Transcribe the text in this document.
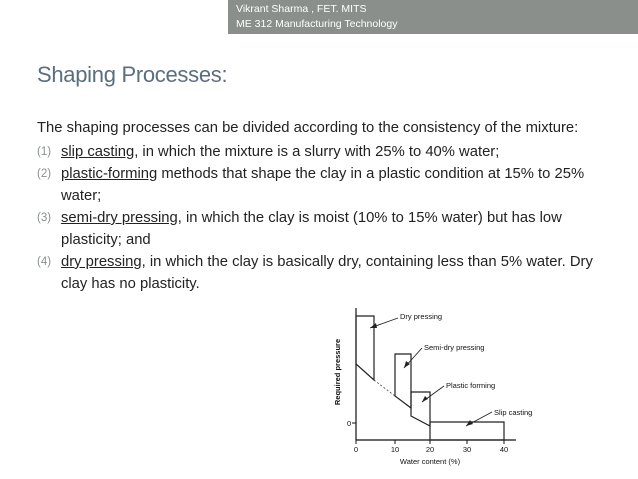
Vikrant Sharma , FET. MITS
ME 312 Manufacturing Technology
Shaping Processes:

The shaping processes can be divided according to the consistency of the mixture:

(1) slip casting, in which the mixture is a slurry with 25% to 40% water;

(2) plastic-forming methods that shape the clay in a plastic condition at 15% to 25% water;

(3) semi-dry pressing, in which the clay is moist (10% to 15% water) but has low plasticity; and

(4) dry pressing, in which the clay is basically dry, containing less than 5% water. Dry clay has no plasticity.

Dry pressing
Semi-dry pressing
Plastic forming
Slip casting
0
0	10	20	30	40
Water content (%)
Required pressure
